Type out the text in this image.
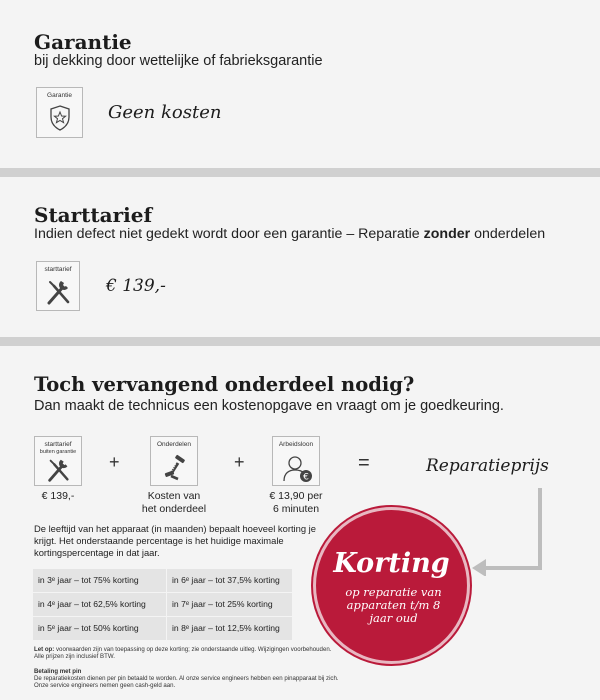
Garantie
bij dekking door wettelijke of fabrieksgarantie
Garantie
Geen kosten
Starttarief
Indien defect niet gedekt wordt door een garantie – Reparatie zonder onderdelen
starttarief
€ 139,-
Toch vervangend onderdeel nodig?
Dan maakt de technicus een kostenopgave en vraagt om je goedkeuring.
starttarief
buiten garantie
€ 139,-
+
Onderdelen
Kosten van
het onderdeel
+
Arbeidsloon
€
€ 13,90 per
6 minuten
=	Reparatieprijs
De leeftijd van het apparaat (in maanden) bepaalt hoeveel korting je krijgt. Het onderstaande percentage is het huidige maximale kortingspercentage in dat jaar.
in 3ᵉ jaar – tot 75% korting	in 6ᵉ jaar – tot 37,5% korting
in 4ᵉ jaar – tot 62,5% korting	in 7ᵉ jaar – tot 25% korting
in 5ᵉ jaar – tot 50% korting	in 8ᵉ jaar – tot 12,5% korting
Let op: voorwaarden zijn van toepassing op deze korting; zie onderstaande uitleg. Wijzigingen voorbehouden.
Alle prijzen zijn inclusief BTW.
Betaling met pin
De reparatiekosten dienen per pin betaald te worden. Al onze service engineers hebben een pinapparaat bij zich.
Onze service engineers nemen geen cash-geld aan.
Korting
op reparatie van apparaten t/m 8 jaar oud
